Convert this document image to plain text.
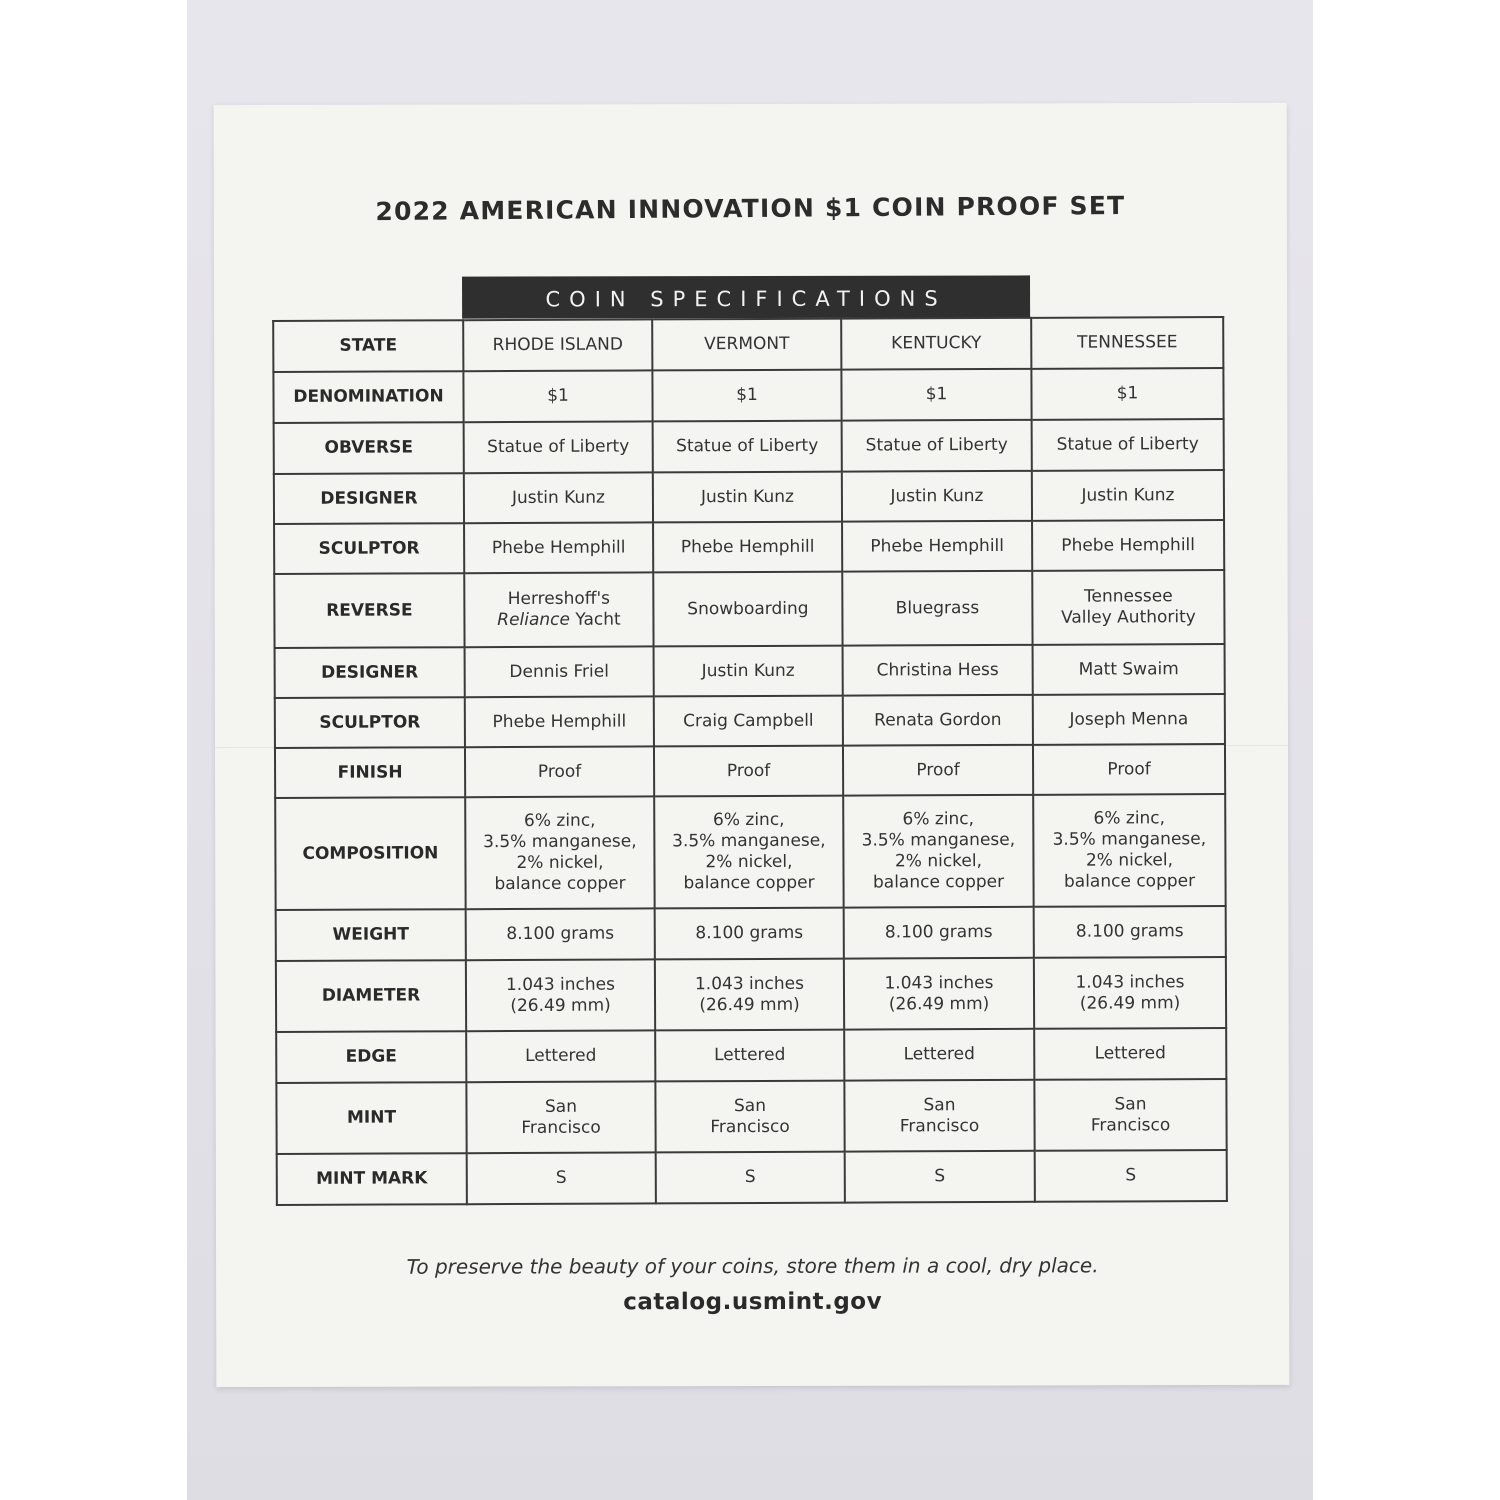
2022 AMERICAN INNOVATION $1 COIN PROOF SET
COIN SPECIFICATIONS
STATE	RHODE ISLAND	VERMONT	KENTUCKY	TENNESSEE
DENOMINATION	$1	$1	$1	$1
OBVERSE	Statue of Liberty	Statue of Liberty	Statue of Liberty	Statue of Liberty
DESIGNER	Justin Kunz	Justin Kunz	Justin Kunz	Justin Kunz
SCULPTOR	Phebe Hemphill	Phebe Hemphill	Phebe Hemphill	Phebe Hemphill
REVERSE	Herreshoff's
Reliance Yacht	Snowboarding	Bluegrass	Tennessee
Valley Authority
DESIGNER	Dennis Friel	Justin Kunz	Christina Hess	Matt Swaim
SCULPTOR	Phebe Hemphill	Craig Campbell	Renata Gordon	Joseph Menna
FINISH	Proof	Proof	Proof	Proof
COMPOSITION	6% zinc,
3.5% manganese,
2% nickel,
balance copper	6% zinc,
3.5% manganese,
2% nickel,
balance copper	6% zinc,
3.5% manganese,
2% nickel,
balance copper	6% zinc,
3.5% manganese,
2% nickel,
balance copper
WEIGHT	8.100 grams	8.100 grams	8.100 grams	8.100 grams
DIAMETER	1.043 inches
(26.49 mm)	1.043 inches
(26.49 mm)	1.043 inches
(26.49 mm)	1.043 inches
(26.49 mm)
EDGE	Lettered	Lettered	Lettered	Lettered
MINT	San
Francisco	San
Francisco	San
Francisco	San
Francisco
MINT MARK	S	S	S	S
To preserve the beauty of your coins, store them in a cool, dry place.
catalog.usmint.gov
